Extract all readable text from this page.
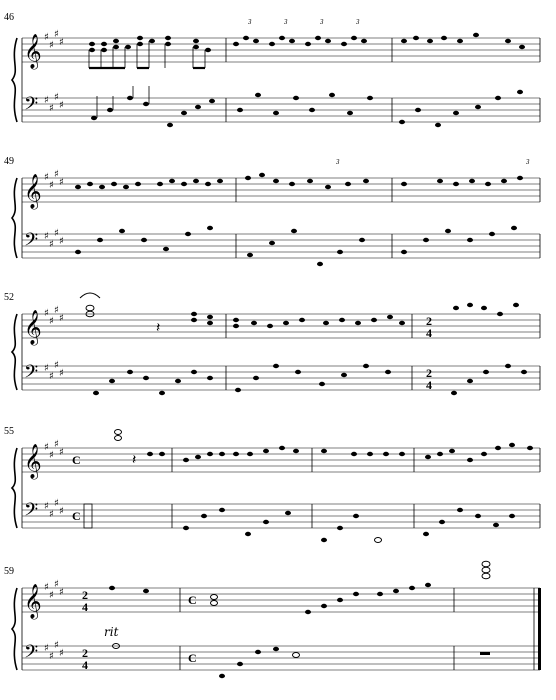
46
𝄞
𝄢
♯
♯
♯
♯
♯
♯
♯
♯
3	3	3	3
49
𝄞
𝄢
♯
♯
♯
♯
♯
♯
♯
♯
3	3
52
𝄞
𝄢
♯
♯
♯
♯
♯
♯
♯
♯
2
4
2
4
𝄽
55
𝄞
𝄢
♯
♯
♯
♯
♯
♯
♯
♯
C
C
𝄽
59
𝄞
𝄢
♯
♯
♯
♯
♯
♯
♯
♯
2
4
2
4
C
C
rit
